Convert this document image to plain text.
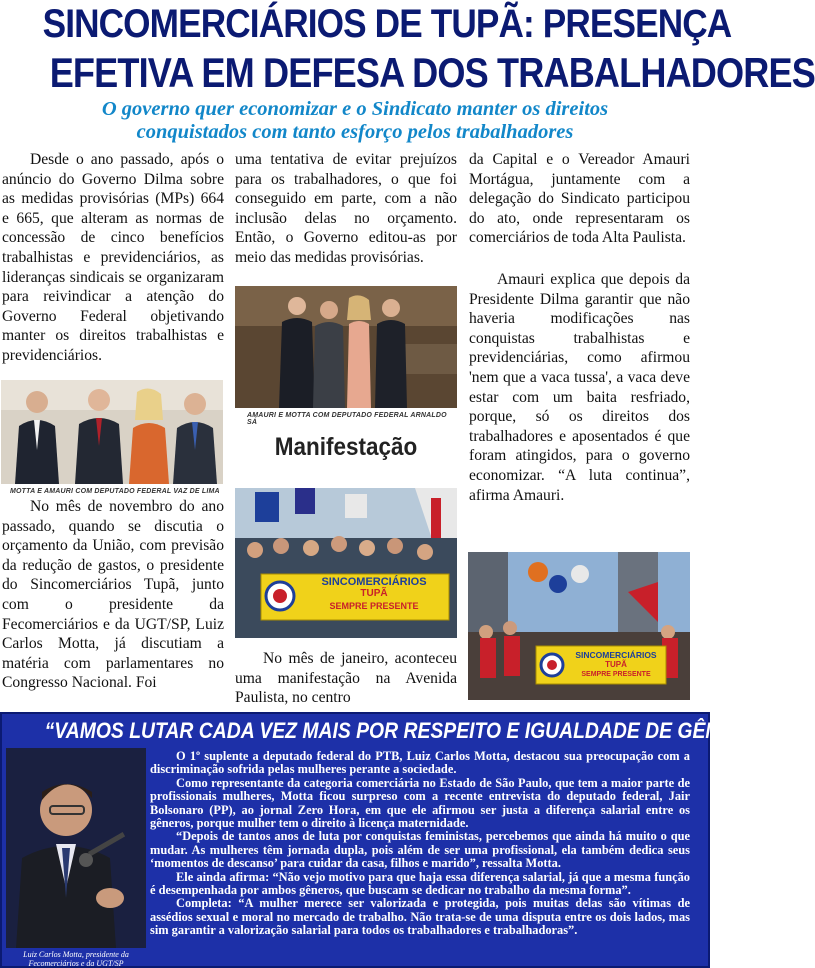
SINCOMERCIÁRIOS DE TUPÃ: PRESENÇA
EFETIVA EM DEFESA DOS TRABALHADORES
O governo quer economizar e o Sindicato manter os direitos
conquistados com tanto esforço pelos trabalhadores

Desde o ano passado, após o anúncio do Governo Dilma sobre as medidas provisórias (MPs) 664 e 665, que alteram as normas de concessão de cinco benefícios trabalhistas e previdenciários, as lideranças sindicais se organizaram para reivindicar a atenção do Governo Federal objetivando manter os direitos trabalhistas e previdenciários.

MOTTA E AMAURI COM DEPUTADO FEDERAL VAZ DE LIMA

No mês de novembro do ano passado, quando se discutia o orçamento da União, com previsão da redução de gastos, o presidente do Sincomerciários Tupã, junto com o presidente da Fecomerciários e da UGT/SP, Luiz Carlos Motta, já discutiam a matéria com parlamentares no Congresso Nacional. Foi

uma tentativa de evitar prejuízos para os trabalhadores, o que foi conseguido em parte, com a não inclusão delas no orçamento. Então, o Governo editou-as por meio das medidas provisórias.

AMAURI E MOTTA COM DEPUTADO FEDERAL ARNALDO SÁ
Manifestação
SINCOMERCIÁRIOS
TUPÃ
SEMPRE PRESENTE

No mês de janeiro, aconteceu uma manifestação na Avenida Paulista, no centro

da Capital e o Vereador Amauri Mortágua, juntamente com a delegação do Sindicato participou do ato, onde representaram os comerciários de toda Alta Paulista.

Amauri explica que depois da Presidente Dilma garantir que não haveria modificações nas conquistas trabalhistas e previdenciárias, como afirmou 'nem que a vaca tussa', a vaca deve estar com um baita resfriado, porque, só os direitos dos trabalhadores e aposentados é que foram atingidos, para o governo economizar. “A luta continua”, afirma Amauri.

SINCOMERCIÁRIOS
TUPÃ
SEMPRE PRESENTE
“VAMOS LUTAR CADA VEZ MAIS POR RESPEITO E IGUALDADE DE GÊNERO”
Luiz Carlos Motta, presidente da Fecomerciários e da UGT/SP

O 1º suplente a deputado federal do PTB, Luiz Carlos Motta, destacou sua preocupação com a discriminação sofrida pelas mulheres perante a sociedade.

Como representante da categoria comerciária no Estado de São Paulo, que tem a maior parte de profissionais mulheres, Motta ficou surpreso com a recente entrevista do deputado federal, Jair Bolsonaro (PP), ao jornal Zero Hora, em que ele afirmou ser justa a diferença salarial entre os gêneros, porque mulher tem o direito à licença maternidade.

“Depois de tantos anos de luta por conquistas feministas, percebemos que ainda há muito o que mudar. As mulheres têm jornada dupla, pois além de ser uma profissional, ela também dedica seus ‘momentos de descanso’ para cuidar da casa, filhos e marido”, ressalta Motta.

Ele ainda afirma: “Não vejo motivo para que haja essa diferença salarial, já que a mesma função é desempenhada por ambos gêneros, que buscam se dedicar no trabalho da mesma forma”.

Completa: “A mulher merece ser valorizada e protegida, pois muitas delas são vítimas de assédios sexual e moral no mercado de trabalho. Não trata-se de uma disputa entre os dois lados, mas sim garantir a valorização salarial para todos os trabalhadores e trabalhadoras”.
